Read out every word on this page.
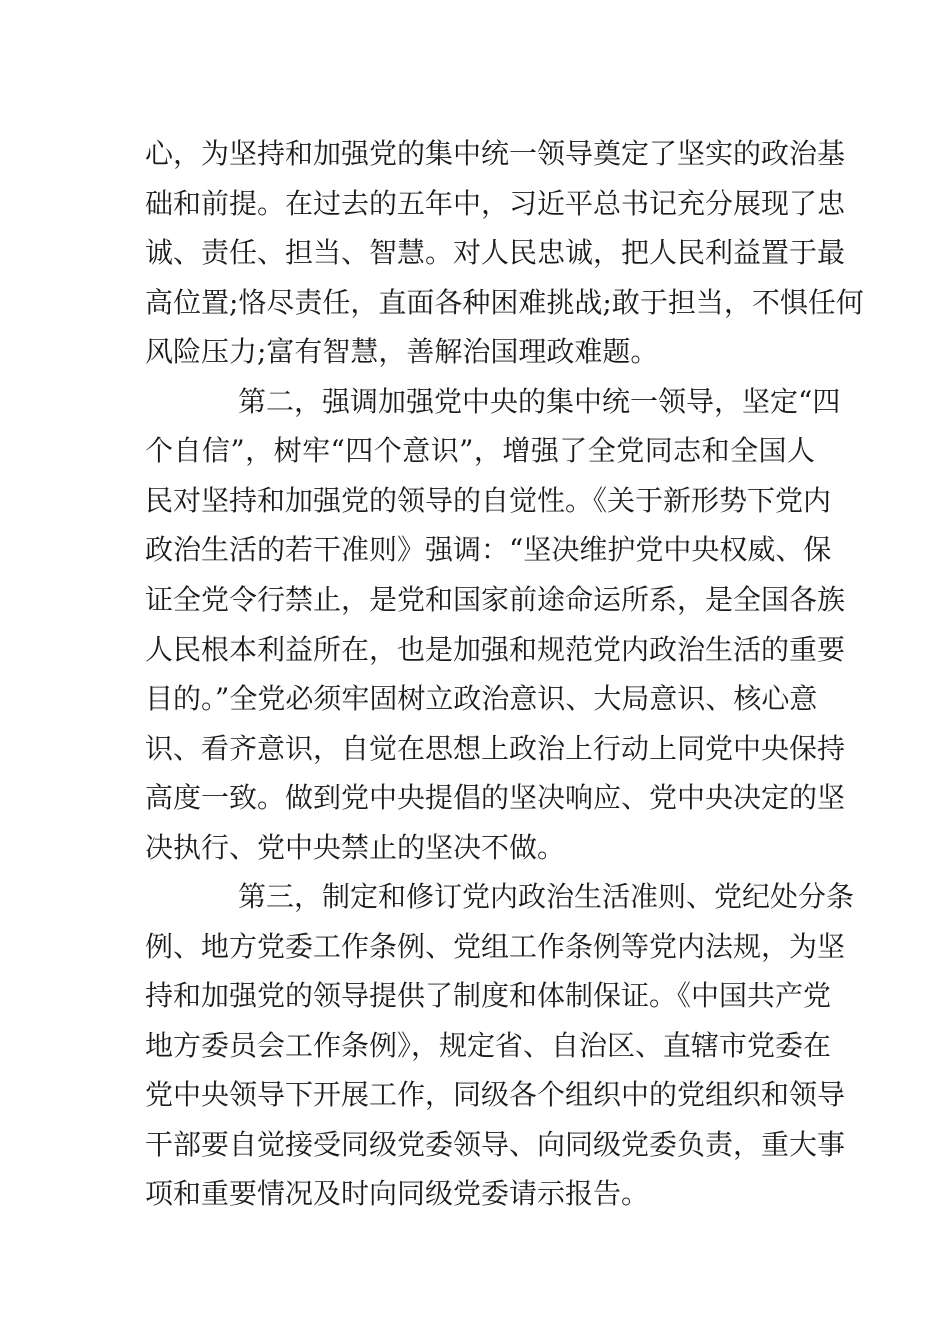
心，为坚持和加强党的集中统一领导奠定了坚实的政治基
础和前提。在过去的五年中，习近平总书记充分展现了忠
诚、责任、担当、智慧。对人民忠诚，把人民利益置于最
高位置;恪尽责任，直面各种困难挑战;敢于担当，不惧任何
风险压力;富有智慧，善解治国理政难题。
第二，强调加强党中央的集中统一领导，坚定“四
个自信”，树牢“四个意识”，增强了全党同志和全国人
民对坚持和加强党的领导的自觉性。《关于新形势下党内
政治生活的若干准则》强调：“坚决维护党中央权威、保
证全党令行禁止，是党和国家前途命运所系，是全国各族
人民根本利益所在，也是加强和规范党内政治生活的重要
目的。”全党必须牢固树立政治意识、大局意识、核心意
识、看齐意识，自觉在思想上政治上行动上同党中央保持
高度一致。做到党中央提倡的坚决响应、党中央决定的坚
决执行、党中央禁止的坚决不做。
第三，制定和修订党内政治生活准则、党纪处分条
例、地方党委工作条例、党组工作条例等党内法规，为坚
持和加强党的领导提供了制度和体制保证。《中国共产党
地方委员会工作条例》，规定省、自治区、直辖市党委在
党中央领导下开展工作，同级各个组织中的党组织和领导
干部要自觉接受同级党委领导、向同级党委负责，重大事
项和重要情况及时向同级党委请示报告。
